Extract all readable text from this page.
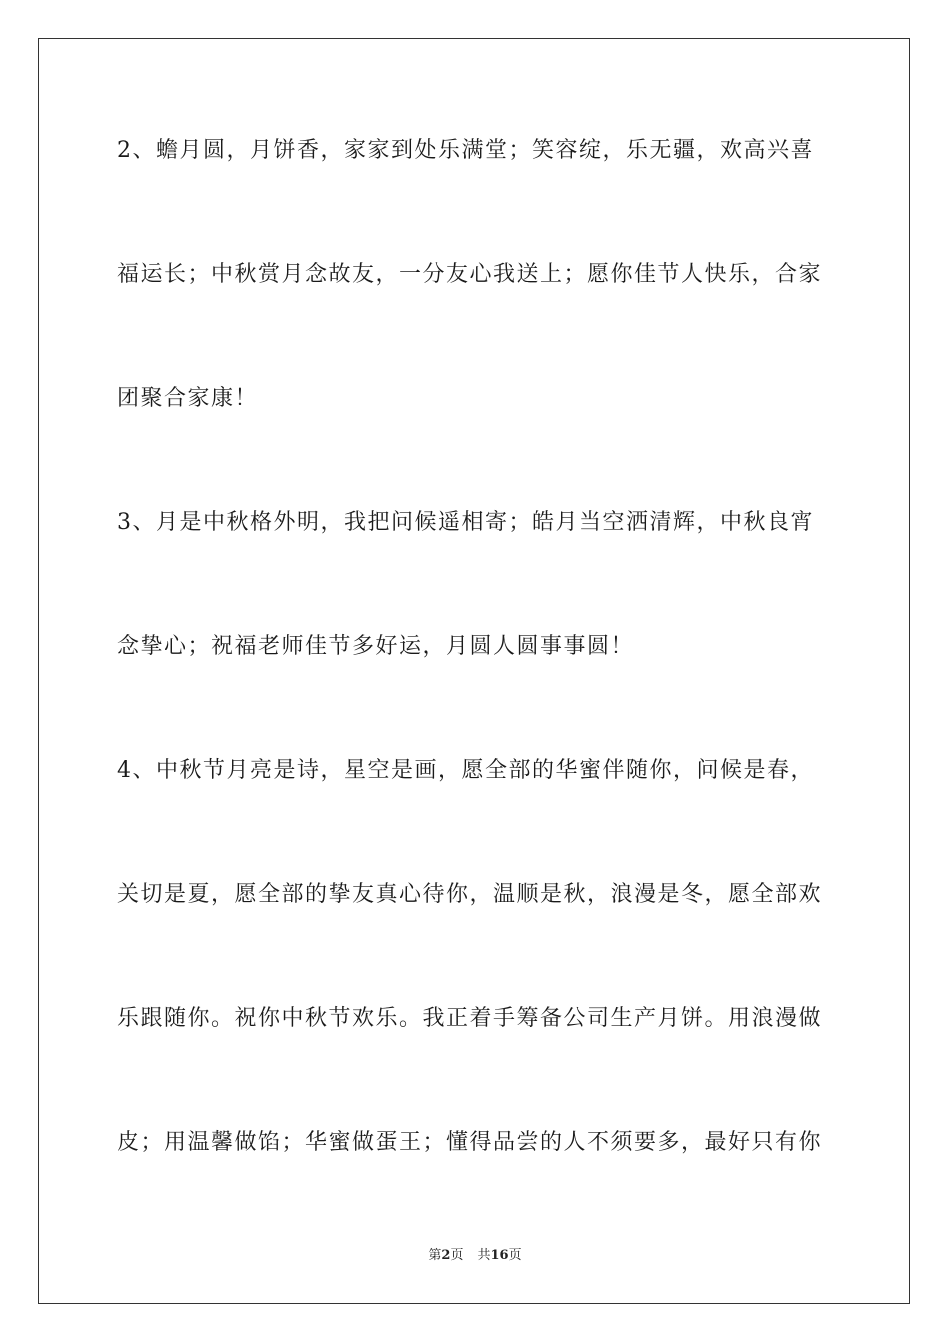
2、蟾月圆，月饼香，家家到处乐满堂；笑容绽，乐无疆，欢高兴喜
福运长；中秋赏月念故友，一分友心我送上；愿你佳节人快乐，合家
团聚合家康！
3、月是中秋格外明，我把问候遥相寄；皓月当空洒清辉，中秋良宵
念挚心；祝福老师佳节多好运，月圆人圆事事圆！
4、中秋节月亮是诗，星空是画，愿全部的华蜜伴随你，问候是春，
关切是夏，愿全部的挚友真心待你，温顺是秋，浪漫是冬，愿全部欢
乐跟随你。祝你中秋节欢乐。我正着手筹备公司生产月饼。用浪漫做
皮；用温馨做馅；华蜜做蛋王；懂得品尝的人不须要多，最好只有你
第2页 共16页
